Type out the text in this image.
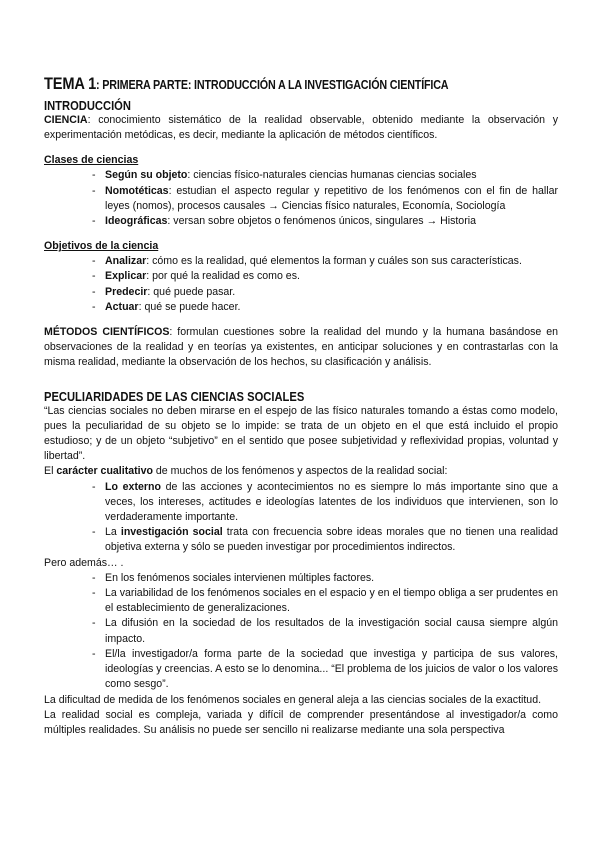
TEMA 1: PRIMERA PARTE: INTRODUCCIÓN A LA INVESTIGACIÓN CIENTÍFICA
INTRODUCCIÓN

CIENCIA: conocimiento sistemático de la realidad observable, obtenido mediante la observación y experimentación metódicas, es decir, mediante la aplicación de métodos científicos.

Clases de ciencias
- Según su objeto: ciencias físico-naturales ciencias humanas ciencias sociales
- Nomotéticas: estudian el aspecto regular y repetitivo de los fenómenos con el fin de hallar leyes (nomos), procesos causales → Ciencias físico naturales, Economía, Sociología
- Ideográficas: versan sobre objetos o fenómenos únicos, singulares → Historia
Objetivos de la ciencia
- Analizar: cómo es la realidad, qué elementos la forman y cuáles son sus características.
- Explicar: por qué la realidad es como es.
- Predecir: qué puede pasar.
- Actuar: qué se puede hacer.

MÉTODOS CIENTÍFICOS: formulan cuestiones sobre la realidad del mundo y la humana basándose en observaciones de la realidad y en teorías ya existentes, en anticipar soluciones y en contrastarlas con la misma realidad, mediante la observación de los hechos, su clasificación y análisis.

PECULIARIDADES DE LAS CIENCIAS SOCIALES

“Las ciencias sociales no deben mirarse en el espejo de las físico naturales tomando a éstas como modelo, pues la peculiaridad de su objeto se lo impide: se trata de un objeto en el que está incluido el propio estudioso; y de un objeto “subjetivo” en el sentido que posee subjetividad y reflexividad propias, voluntad y libertad”.

El carácter cualitativo de muchos de los fenómenos y aspectos de la realidad social:

- Lo externo de las acciones y acontecimientos no es siempre lo más importante sino que a veces, los intereses, actitudes e ideologías latentes de los individuos que intervienen, son lo verdaderamente importante.
- La investigación social trata con frecuencia sobre ideas morales que no tienen una realidad objetiva externa y sólo se pueden investigar por procedimientos indirectos.

Pero además… .

- En los fenómenos sociales intervienen múltiples factores.
- La variabilidad de los fenómenos sociales en el espacio y en el tiempo obliga a ser prudentes en el establecimiento de generalizaciones.
- La difusión en la sociedad de los resultados de la investigación social causa siempre algún impacto.
- El/la investigador/a forma parte de la sociedad que investiga y participa de sus valores, ideologías y creencias. A esto se lo denomina... “El problema de los juicios de valor o los valores como sesgo”.

La dificultad de medida de los fenómenos sociales en general aleja a las ciencias sociales de la exactitud.

La realidad social es compleja, variada y difícil de comprender presentándose al investigador/a como múltiples realidades. Su análisis no puede ser sencillo ni realizarse mediante una sola perspectiva
